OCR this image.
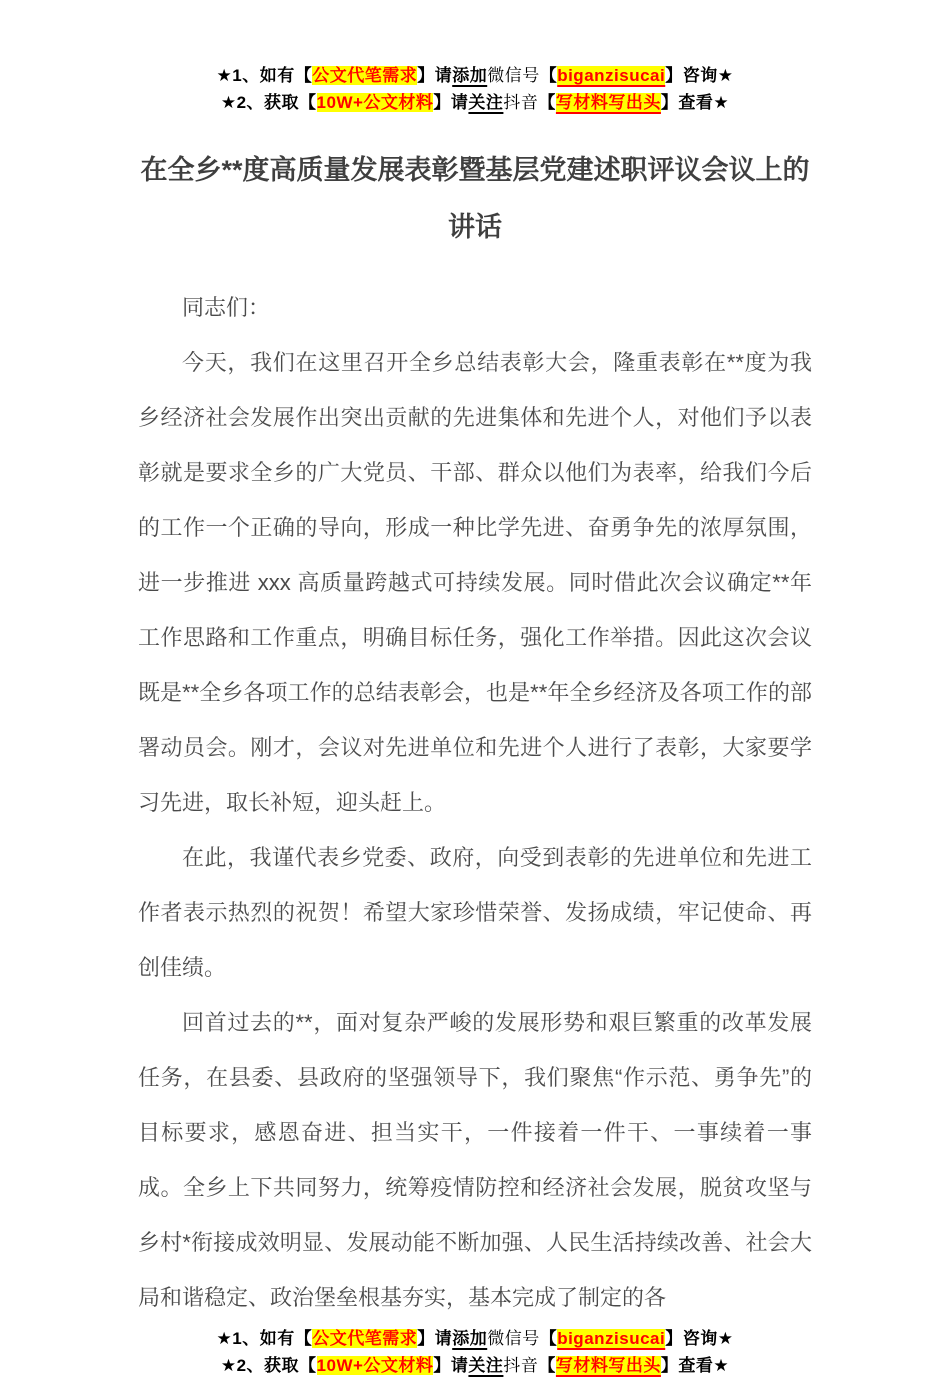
★1、如有【公文代笔需求】请添加微信号【biganzisucai】咨询★
★2、获取【10W+公文材料】请关注抖音【写材料写出头】查看★
在全乡**度高质量发展表彰暨基层党建述职评议会议上的
讲话

同志们：

今天，我们在这里召开全乡总结表彰大会，隆重表彰在**度为我乡经济社会发展作出突出贡献的先进集体和先进个人，对他们予以表彰就是要求全乡的广大党员、干部、群众以他们为表率，给我们今后的工作一个正确的导向，形成一种比学先进、奋勇争先的浓厚氛围，进一步推进 xxx 高质量跨越式可持续发展。同时借此次会议确定**年工作思路和工作重点，明确目标任务，强化工作举措。因此这次会议既是**全乡各项工作的总结表彰会，也是**年全乡经济及各项工作的部署动员会。刚才，会议对先进单位和先进个人进行了表彰，大家要学习先进，取长补短，迎头赶上。

在此，我谨代表乡党委、政府，向受到表彰的先进单位和先进工作者表示热烈的祝贺！希望大家珍惜荣誉、发扬成绩，牢记使命、再创佳绩。

回首过去的**，面对复杂严峻的发展形势和艰巨繁重的改革发展任务，在县委、县政府的坚强领导下，我们聚焦“作示范、勇争先”的目标要求，感恩奋进、担当实干，一件接着一件干、一事续着一事成。全乡上下共同努力，统筹疫情防控和经济社会发展，脱贫攻坚与乡村*衔接成效明显、发展动能不断加强、人民生活持续改善、社会大局和谐稳定、政治堡垒根基夯实，基本完成了制定的各

★1、如有【公文代笔需求】请添加微信号【biganzisucai】咨询★
★2、获取【10W+公文材料】请关注抖音【写材料写出头】查看★
